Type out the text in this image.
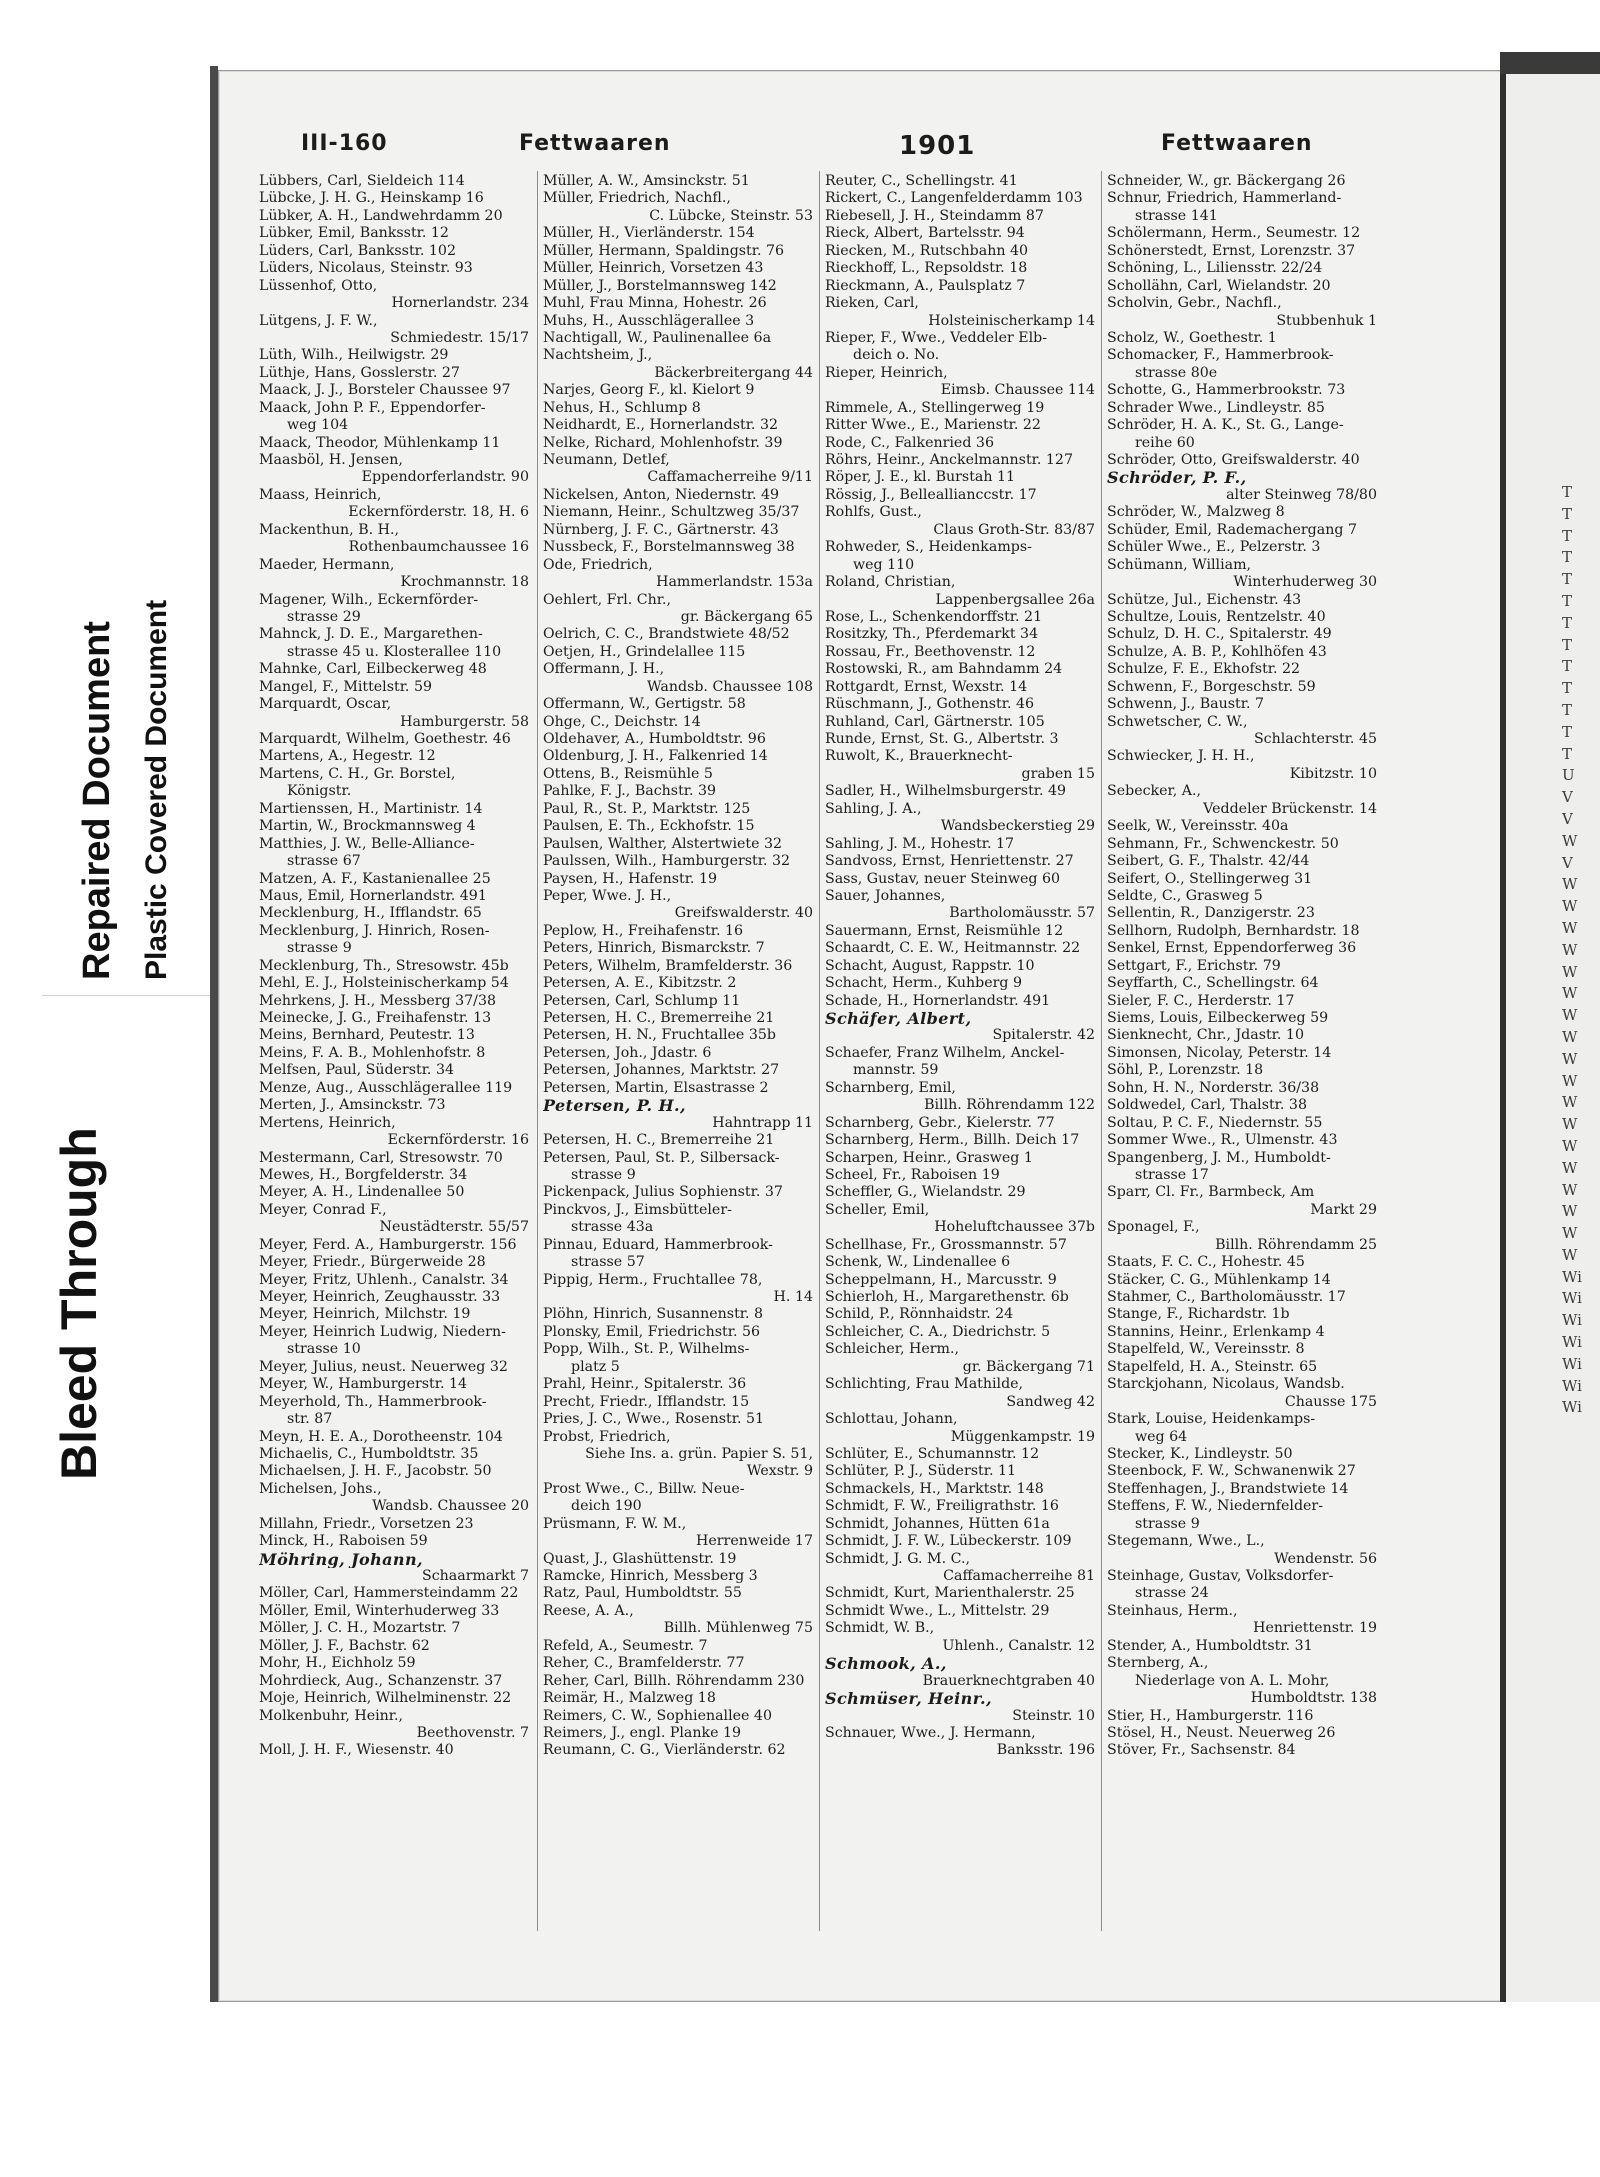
Bleed Through
Repaired Document Plastic Covered Document
III-160	Fettwaaren	1901	Fettwaaren
Lübbers, Carl, Sieldeich 114
Lübcke, J. H. G., Heinskamp 16
Lübker, A. H., Landwehrdamm 20
Lübker, Emil, Banksstr. 12
Lüders, Carl, Banksstr. 102
Lüders, Nicolaus, Steinstr. 93
Lüssenhof, Otto,
Hornerlandstr. 234
Lütgens, J. F. W.,
Schmiedestr. 15/17
Lüth, Wilh., Heilwigstr. 29
Lüthje, Hans, Gosslerstr. 27
Maack, J. J., Borsteler Chaussee 97
Maack, John P. F., Eppendorfer-
weg 104
Maack, Theodor, Mühlenkamp 11
Maasböl, H. Jensen,
Eppendorferlandstr. 90
Maass, Heinrich,
Eckernförderstr. 18, H. 6
Mackenthun, B. H.,
Rothenbaumchaussee 16
Maeder, Hermann,
Krochmannstr. 18
Magener, Wilh., Eckernförder-
strasse 29
Mahnck, J. D. E., Margarethen-
strasse 45 u. Klosterallee 110
Mahnke, Carl, Eilbeckerweg 48
Mangel, F., Mittelstr. 59
Marquardt, Oscar,
Hamburgerstr. 58
Marquardt, Wilhelm, Goethestr. 46
Martens, A., Hegestr. 12
Martens, C. H., Gr. Borstel,
Königstr.
Martienssen, H., Martinistr. 14
Martin, W., Brockmannsweg 4
Matthies, J. W., Belle-Alliance-
strasse 67
Matzen, A. F., Kastanienallee 25
Maus, Emil, Hornerlandstr. 491
Mecklenburg, H., Ifflandstr. 65
Mecklenburg, J. Hinrich, Rosen-
strasse 9
Mecklenburg, Th., Stresowstr. 45b
Mehl, E. J., Holsteinischerkamp 54
Mehrkens, J. H., Messberg 37/38
Meinecke, J. G., Freihafenstr. 13
Meins, Bernhard, Peutestr. 13
Meins, F. A. B., Mohlenhofstr. 8
Melfsen, Paul, Süderstr. 34
Menze, Aug., Ausschlägerallee 119
Merten, J., Amsinckstr. 73
Mertens, Heinrich,
Eckernförderstr. 16
Mestermann, Carl, Stresowstr. 70
Mewes, H., Borgfelderstr. 34
Meyer, A. H., Lindenallee 50
Meyer, Conrad F.,
Neustädterstr. 55/57
Meyer, Ferd. A., Hamburgerstr. 156
Meyer, Friedr., Bürgerweide 28
Meyer, Fritz, Uhlenh., Canalstr. 34
Meyer, Heinrich, Zeughausstr. 33
Meyer, Heinrich, Milchstr. 19
Meyer, Heinrich Ludwig, Niedern-
strasse 10
Meyer, Julius, neust. Neuerweg 32
Meyer, W., Hamburgerstr. 14
Meyerhold, Th., Hammerbrook-
str. 87
Meyn, H. E. A., Dorotheenstr. 104
Michaelis, C., Humboldtstr. 35
Michaelsen, J. H. F., Jacobstr. 50
Michelsen, Johs.,
Wandsb. Chaussee 20
Millahn, Friedr., Vorsetzen 23
Minck, H., Raboisen 59
Möhring, Johann,
Schaarmarkt 7
Möller, Carl, Hammersteindamm 22
Möller, Emil, Winterhuderweg 33
Möller, J. C. H., Mozartstr. 7
Möller, J. F., Bachstr. 62
Mohr, H., Eichholz 59
Mohrdieck, Aug., Schanzenstr. 37
Moje, Heinrich, Wilhelminenstr. 22
Molkenbuhr, Heinr.,
Beethovenstr. 7
Moll, J. H. F., Wiesenstr. 40
Müller, A. W., Amsinckstr. 51
Müller, Friedrich, Nachfl.,
C. Lübcke, Steinstr. 53
Müller, H., Vierländerstr. 154
Müller, Hermann, Spaldingstr. 76
Müller, Heinrich, Vorsetzen 43
Müller, J., Borstelmannsweg 142
Muhl, Frau Minna, Hohestr. 26
Muhs, H., Ausschlägerallee 3
Nachtigall, W., Paulinenallee 6a
Nachtsheim, J.,
Bäckerbreitergang 44
Narjes, Georg F., kl. Kielort 9
Nehus, H., Schlump 8
Neidhardt, E., Hornerlandstr. 32
Nelke, Richard, Mohlenhofstr. 39
Neumann, Detlef,
Caffamacherreihe 9/11
Nickelsen, Anton, Niedernstr. 49
Niemann, Heinr., Schultzweg 35/37
Nürnberg, J. F. C., Gärtnerstr. 43
Nussbeck, F., Borstelmannsweg 38
Ode, Friedrich,
Hammerlandstr. 153a
Oehlert, Frl. Chr.,
gr. Bäckergang 65
Oelrich, C. C., Brandstwiete 48/52
Oetjen, H., Grindelallee 115
Offermann, J. H.,
Wandsb. Chaussee 108
Offermann, W., Gertigstr. 58
Ohge, C., Deichstr. 14
Oldehaver, A., Humboldtstr. 96
Oldenburg, J. H., Falkenried 14
Ottens, B., Reismühle 5
Pahlke, F. J., Bachstr. 39
Paul, R., St. P., Marktstr. 125
Paulsen, E. Th., Eckhofstr. 15
Paulsen, Walther, Alstertwiete 32
Paulssen, Wilh., Hamburgerstr. 32
Paysen, H., Hafenstr. 19
Peper, Wwe. J. H.,
Greifswalderstr. 40
Peplow, H., Freihafenstr. 16
Peters, Hinrich, Bismarckstr. 7
Peters, Wilhelm, Bramfelderstr. 36
Petersen, A. E., Kibitzstr. 2
Petersen, Carl, Schlump 11
Petersen, H. C., Bremerreihe 21
Petersen, H. N., Fruchtallee 35b
Petersen, Joh., Jdastr. 6
Petersen, Johannes, Marktstr. 27
Petersen, Martin, Elsastrasse 2
Petersen, P. H.,
Hahntrapp 11
Petersen, H. C., Bremerreihe 21
Petersen, Paul, St. P., Silbersack-
strasse 9
Pickenpack, Julius Sophienstr. 37
Pinckvos, J., Eimsbütteler-
strasse 43a
Pinnau, Eduard, Hammerbrook-
strasse 57
Pippig, Herm., Fruchtallee 78,
H. 14
Plöhn, Hinrich, Susannenstr. 8
Plonsky, Emil, Friedrichstr. 56
Popp, Wilh., St. P., Wilhelms-
platz 5
Prahl, Heinr., Spitalerstr. 36
Precht, Friedr., Ifflandstr. 15
Pries, J. C., Wwe., Rosenstr. 51
Probst, Friedrich,
Siehe Ins. a. grün. Papier S. 51,
Wexstr. 9
Prost Wwe., C., Billw. Neue-
deich 190
Prüsmann, F. W. M.,
Herrenweide 17
Quast, J., Glashüttenstr. 19
Ramcke, Hinrich, Messberg 3
Ratz, Paul, Humboldtstr. 55
Reese, A. A.,
Billh. Mühlenweg 75
Refeld, A., Seumestr. 7
Reher, C., Bramfelderstr. 77
Reher, Carl, Billh. Röhrendamm 230
Reimär, H., Malzweg 18
Reimers, C. W., Sophienallee 40
Reimers, J., engl. Planke 19
Reumann, C. G., Vierländerstr. 62
Reuter, C., Schellingstr. 41
Rickert, C., Langenfelderdamm 103
Riebesell, J. H., Steindamm 87
Rieck, Albert, Bartelsstr. 94
Riecken, M., Rutschbahn 40
Rieckhoff, L., Repsoldstr. 18
Rieckmann, A., Paulsplatz 7
Rieken, Carl,
Holsteinischerkamp 14
Rieper, F., Wwe., Veddeler Elb-
deich o. No.
Rieper, Heinrich,
Eimsb. Chaussee 114
Rimmele, A., Stellingerweg 19
Ritter Wwe., E., Marienstr. 22
Rode, C., Falkenried 36
Röhrs, Heinr., Anckelmannstr. 127
Röper, J. E., kl. Burstah 11
Rössig, J., Belleallianccstr. 17
Rohlfs, Gust.,
Claus Groth-Str. 83/87
Rohweder, S., Heidenkamps-
weg 110
Roland, Christian,
Lappenbergsallee 26a
Rose, L., Schenkendorffstr. 21
Rositzky, Th., Pferdemarkt 34
Rossau, Fr., Beethovenstr. 12
Rostowski, R., am Bahndamm 24
Rottgardt, Ernst, Wexstr. 14
Rüschmann, J., Gothenstr. 46
Ruhland, Carl, Gärtnerstr. 105
Runde, Ernst, St. G., Albertstr. 3
Ruwolt, K., Brauerknecht-
graben 15
Sadler, H., Wilhelmsburgerstr. 49
Sahling, J. A.,
Wandsbeckerstieg 29
Sahling, J. M., Hohestr. 17
Sandvoss, Ernst, Henriettenstr. 27
Sass, Gustav, neuer Steinweg 60
Sauer, Johannes,
Bartholomäusstr. 57
Sauermann, Ernst, Reismühle 12
Schaardt, C. E. W., Heitmannstr. 22
Schacht, August, Rappstr. 10
Schacht, Herm., Kuhberg 9
Schade, H., Hornerlandstr. 491
Schäfer, Albert,
Spitalerstr. 42
Schaefer, Franz Wilhelm, Anckel-
mannstr. 59
Scharnberg, Emil,
Billh. Röhrendamm 122
Scharnberg, Gebr., Kielerstr. 77
Scharnberg, Herm., Billh. Deich 17
Scharpen, Heinr., Grasweg 1
Scheel, Fr., Raboisen 19
Scheffler, G., Wielandstr. 29
Scheller, Emil,
Hoheluftchaussee 37b
Schellhase, Fr., Grossmannstr. 57
Schenk, W., Lindenallee 6
Scheppelmann, H., Marcusstr. 9
Schierloh, H., Margarethenstr. 6b
Schild, P., Rönnhaidstr. 24
Schleicher, C. A., Diedrichstr. 5
Schleicher, Herm.,
gr. Bäckergang 71
Schlichting, Frau Mathilde,
Sandweg 42
Schlottau, Johann,
Müggenkampstr. 19
Schlüter, E., Schumannstr. 12
Schlüter, P. J., Süderstr. 11
Schmackels, H., Marktstr. 148
Schmidt, F. W., Freiligrathstr. 16
Schmidt, Johannes, Hütten 61a
Schmidt, J. F. W., Lübeckerstr. 109
Schmidt, J. G. M. C.,
Caffamacherreihe 81
Schmidt, Kurt, Marienthalerstr. 25
Schmidt Wwe., L., Mittelstr. 29
Schmidt, W. B.,
Uhlenh., Canalstr. 12
Schmook, A.,
Brauerknechtgraben 40
Schmüser, Heinr.,
Steinstr. 10
Schnauer, Wwe., J. Hermann,
Banksstr. 196
Schneider, W., gr. Bäckergang 26
Schnur, Friedrich, Hammerland-
strasse 141
Schölermann, Herm., Seumestr. 12
Schönerstedt, Ernst, Lorenzstr. 37
Schöning, L., Liliensstr. 22/24
Schollähn, Carl, Wielandstr. 20
Scholvin, Gebr., Nachfl.,
Stubbenhuk 1
Scholz, W., Goethestr. 1
Schomacker, F., Hammerbrook-
strasse 80e
Schotte, G., Hammerbrookstr. 73
Schrader Wwe., Lindleystr. 85
Schröder, H. A. K., St. G., Lange-
reihe 60
Schröder, Otto, Greifswalderstr. 40
Schröder, P. F.,
alter Steinweg 78/80
Schröder, W., Malzweg 8
Schüder, Emil, Rademachergang 7
Schüler Wwe., E., Pelzerstr. 3
Schümann, William,
Winterhuderweg 30
Schütze, Jul., Eichenstr. 43
Schultze, Louis, Rentzelstr. 40
Schulz, D. H. C., Spitalerstr. 49
Schulze, A. B. P., Kohlhöfen 43
Schulze, F. E., Ekhofstr. 22
Schwenn, F., Borgeschstr. 59
Schwenn, J., Baustr. 7
Schwetscher, C. W.,
Schlachterstr. 45
Schwiecker, J. H. H.,
Kibitzstr. 10
Sebecker, A.,
Veddeler Brückenstr. 14
Seelk, W., Vereinsstr. 40a
Sehmann, Fr., Schwenckestr. 50
Seibert, G. F., Thalstr. 42/44
Seifert, O., Stellingerweg 31
Seldte, C., Grasweg 5
Sellentin, R., Danzigerstr. 23
Sellhorn, Rudolph, Bernhardstr. 18
Senkel, Ernst, Eppendorferweg 36
Settgart, F., Erichstr. 79
Seyffarth, C., Schellingstr. 64
Sieler, F. C., Herderstr. 17
Siems, Louis, Eilbeckerweg 59
Sienknecht, Chr., Jdastr. 10
Simonsen, Nicolay, Peterstr. 14
Söhl, P., Lorenzstr. 18
Sohn, H. N., Norderstr. 36/38
Soldwedel, Carl, Thalstr. 38
Soltau, P. C. F., Niedernstr. 55
Sommer Wwe., R., Ulmenstr. 43
Spangenberg, J. M., Humboldt-
strasse 17
Sparr, Cl. Fr., Barmbeck, Am
Markt 29
Sponagel, F.,
Billh. Röhrendamm 25
Staats, F. C. C., Hohestr. 45
Stäcker, C. G., Mühlenkamp 14
Stahmer, C., Bartholomäusstr. 17
Stange, F., Richardstr. 1b
Stannins, Heinr., Erlenkamp 4
Stapelfeld, W., Vereinsstr. 8
Stapelfeld, H. A., Steinstr. 65
Starckjohann, Nicolaus, Wandsb.
Chausse 175
Stark, Louise, Heidenkamps-
weg 64
Stecker, K., Lindleystr. 50
Steenbock, F. W., Schwanenwik 27
Steffenhagen, J., Brandstwiete 14
Steffens, F. W., Niedernfelder-
strasse 9
Stegemann, Wwe., L.,
Wendenstr. 56
Steinhage, Gustav, Volksdorfer-
strasse 24
Steinhaus, Herm.,
Henriettenstr. 19
Stender, A., Humboldtstr. 31
Sternberg, A.,
Niederlage von A. L. Mohr,
Humboldtstr. 138
Stier, H., Hamburgerstr. 116
Stösel, H., Neust. Neuerweg 26
Stöver, Fr., Sachsenstr. 84
T
T
T
T
T
T
T
T
T
T
T
T
T
U
V
V
W
V
W
W
W
W
W
W
W
W
W
W
W
W
W
W
W
W
W
W
Wi
Wi
Wi
Wi
Wi
Wi
Wi
